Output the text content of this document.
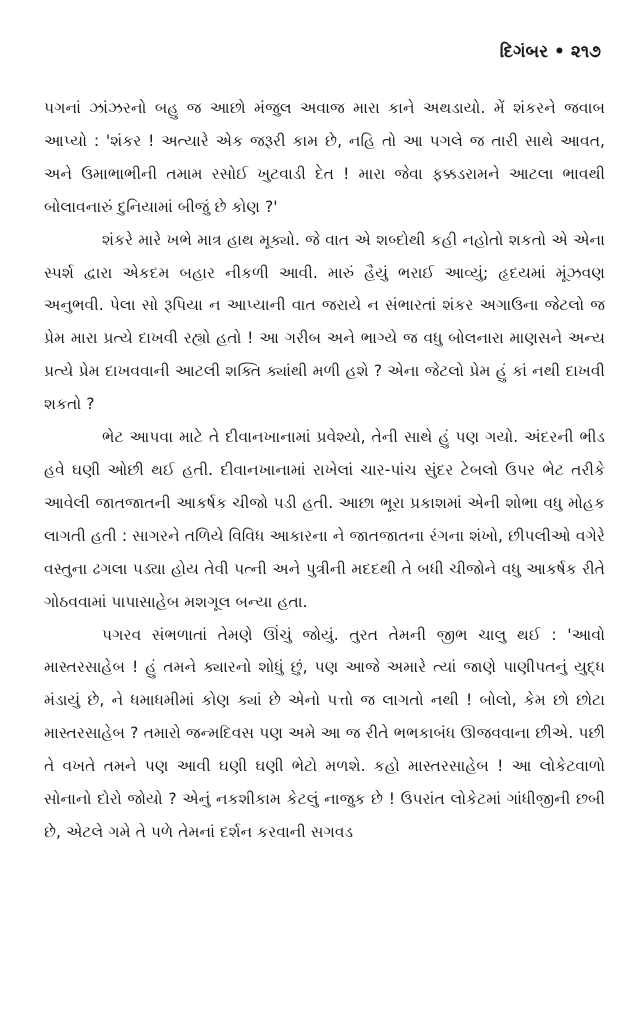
દિગંબર • ૨૧૭

પગનાં ઝાંઝરનો બહુ જ આછો મંજુલ અવાજ મારા કાને અથડાયો. મેં શંકરને જવાબ આપ્યો : 'શંકર ! અત્યારે એક જરૂરી કામ છે, નહિ તો આ પગલે જ તારી સાથે આવત, અને ઉમાભાભીની તમામ રસોઈ ખુટવાડી દેત ! મારા જેવા ફક્કડરામને આટલા ભાવથી બોલાવનારું દુનિયામાં બીજું છે કોણ ?'

શંકરે મારે ખભે માત્ર હાથ મૂક્યો. જે વાત એ શબ્દોથી કહી નહોતો શકતો એ એના સ્પર્શ દ્વારા એકદમ બહાર નીકળી આવી. મારું હૈયું ભરાઈ આવ્યું; હૃદયમાં મૂંઝવણ અનુભવી. પેલા સો રૂપિયા ન આપ્યાની વાત જરાયે ન સંભારતાં શંકર અગાઉના જેટલો જ પ્રેમ મારા પ્રત્યે દાખવી રહ્યો હતો ! આ ગરીબ અને ભાગ્યે જ વધુ બોલનારા માણસને અન્ય પ્રત્યે પ્રેમ દાખવવાની આટલી શક્તિ ક્યાંથી મળી હશે ? એના જેટલો પ્રેમ હું કાં નથી દાખવી શકતો ?

ભેટ આપવા માટે તે દીવાનખાનામાં પ્રવેશ્યો, તેની સાથે હું પણ ગયો. અંદરની ભીડ હવે ઘણી ઓછી થઈ હતી. દીવાનખાનામાં રાખેલાં ચાર-પાંચ સુંદર ટેબલો ઉપર ભેટ તરીકે આવેલી જાતજાતની આકર્ષક ચીજો પડી હતી. આછા ભૂરા પ્રકાશમાં એની શોભા વધુ મોહક લાગતી હતી : સાગરને તળિયે વિવિધ આકારના ને જાતજાતના રંગના શંખો, છીપલીઓ વગેરે વસ્તુના ઢગલા પડ્યા હોય તેવી પત્ની અને પુત્રીની મદદથી તે બધી ચીજોને વધુ આકર્ષક રીતે ગોઠવવામાં પાપાસાહેબ મશગૂલ બન્યા હતા.

પગરવ સંભળાતાં તેમણે ઊંચું જોયું. તુરત તેમની જીભ ચાલુ થઈ : 'આવો માસ્તરસાહેબ ! હું તમને ક્યારનો શોધું છું, પણ આજે અમારે ત્યાં જાણે પાણીપતનું યુદ્ધ મંડાયું છે, ને ધમાધમીમાં કોણ ક્યાં છે એનો પત્તો જ લાગતો નથી ! બોલો, કેમ છો છોટા માસ્તરસાહેબ ? તમારો જન્મદિવસ પણ અમે આ જ રીતે ભભકાબંધ ઊજવવાના છીએ. પછી તે વખતે તમને પણ આવી ઘણી ઘણી ભેટો મળશે. કહો માસ્તરસાહેબ ! આ લોકેટવાળો સોનાનો દોરો જોયો ? એનું નકશીકામ કેટલું નાજુક છે ! ઉપરાંત લોકેટમાં ગાંધીજીની છબી છે, એટલે ગમે તે પળે તેમનાં દર્શન કરવાની સગવડ
